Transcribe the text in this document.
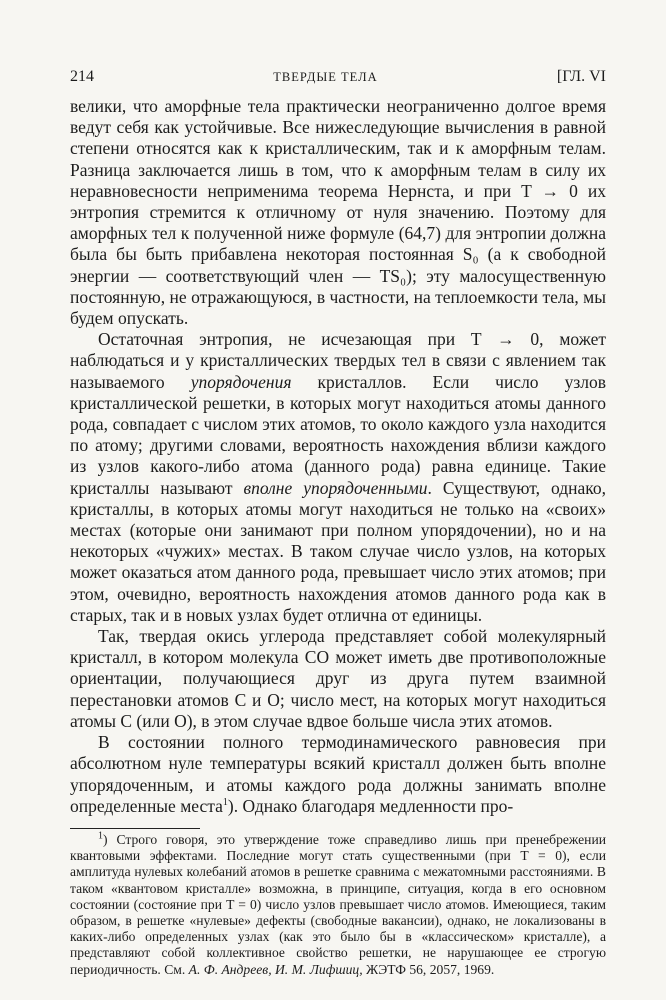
214	ТВЕРДЫЕ ТЕЛА	[ГЛ. VI

велики, что аморфные тела практически неограниченно долгое время ведут себя как устойчивые. Все нижеследующие вычисления в равной степени относятся как к кристаллическим, так и к аморфным телам. Разница заключается лишь в том, что к аморфным телам в силу их неравновесности неприменима теорема Нернста, и при T → 0 их энтропия стремится к отличному от нуля значению. Поэтому для аморфных тел к полученной ниже формуле (64,7) для энтропии должна была бы быть прибавлена некоторая постоянная S₀ (а к свободной энергии — соответствующий член — TS₀); эту малосущественную постоянную, не отражающуюся, в частности, на теплоемкости тела, мы будем опускать.

Остаточная энтропия, не исчезающая при T → 0, может наблюдаться и у кристаллических твердых тел в связи с явлением так называемого упорядочения кристаллов. Если число узлов кристаллической решетки, в которых могут находиться атомы данного рода, совпадает с числом этих атомов, то около каждого узла находится по атому; другими словами, вероятность нахождения вблизи каждого из узлов какого-либо атома (данного рода) равна единице. Такие кристаллы называют вполне упорядоченными. Существуют, однако, кристаллы, в которых атомы могут находиться не только на «своих» местах (которые они занимают при полном упорядочении), но и на некоторых «чужих» местах. В таком случае число узлов, на которых может оказаться атом данного рода, превышает число этих атомов; при этом, очевидно, вероятность нахождения атомов данного рода как в старых, так и в новых узлах будет отлична от единицы.

Так, твердая окись углерода представляет собой молекулярный кристалл, в котором молекула CO может иметь две противоположные ориентации, получающиеся друг из друга путем взаимной перестановки атомов C и O; число мест, на которых могут находиться атомы C (или O), в этом случае вдвое больше числа этих атомов.

В состоянии полного термодинамического равновесия при абсолютном нуле температуры всякий кристалл должен быть вполне упорядоченным, и атомы каждого рода должны занимать вполне определенные места$^1$). Однако благодаря медленности про-

$^1$) Строго говоря, это утверждение тоже справедливо лишь при пренебрежении квантовыми эффектами. Последние могут стать существенными (при T = 0), если амплитуда нулевых колебаний атомов в решетке сравнима с межатомными расстояниями. В таком «квантовом кристалле» возможна, в принципе, ситуация, когда в его основном состоянии (состояние при T = 0) число узлов превышает число атомов. Имеющиеся, таким образом, в решетке «нулевые» дефекты (свободные вакансии), однако, не локализованы в каких-либо определенных узлах (как это было бы в «классическом» кристалле), а представляют собой коллективное свойство решетки, не нарушающее ее строгую периодичность. См. А. Ф. Андреев, И. М. Лифшиц, ЖЭТФ 56, 2057, 1969.
